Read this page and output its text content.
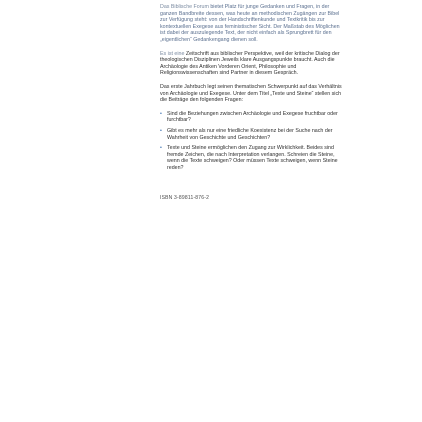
Das Biblische Forum bietet Platz für junge Gedanken und Fragen, in der ganzen Bandbreite dessen, was heute an methodischen Zugängen zur Bibel zur Verfügung steht: von der Handschriftenkunde und Textkritik bis zur kontextuellen Exegese aus feministischer Sicht. Der Maßstab des Möglichen ist dabei der auszulegende Text, der nicht einfach als Sprungbrett für den „eigentlichen“ Gedankengang dienen soll.

Es ist eine Zeitschrift aus biblischer Perspektive, weil der kritische Dialog der theologischen Disziplinen Jeweils klare Ausgangspunkte braucht. Auch die Archäologie des Antiken Vorderen Orient, Philosophie und Religionswissenschaften sind Partner in diesem Gespräch.

Das erste Jahrbuch legt seinen thematischen Schwerpunkt auf das Verhältnis von Archäologie und Exegese. Unter dem Titel „Texte und Steine“ stellen sich die Beiträge den folgenden Fragen:

• Sind die Beziehungen zwischen Archäologie und Exegese fruchtbar oder furchtbar?
• Gibt es mehr als nur eine friedliche Koexistenz bei der Suche nach der Wahrheit von Geschichte und Geschichten?
• Texte und Steine ermöglichen den Zugang zur Wirklichkeit. Beides sind fremde Zeichen, die nach Interpretation verlangen. Schreien die Steine, wenn die Texte schweigen? Oder müssen Texte schweigen, wenn Steine reden?
ISBN 3-89811-876-2
